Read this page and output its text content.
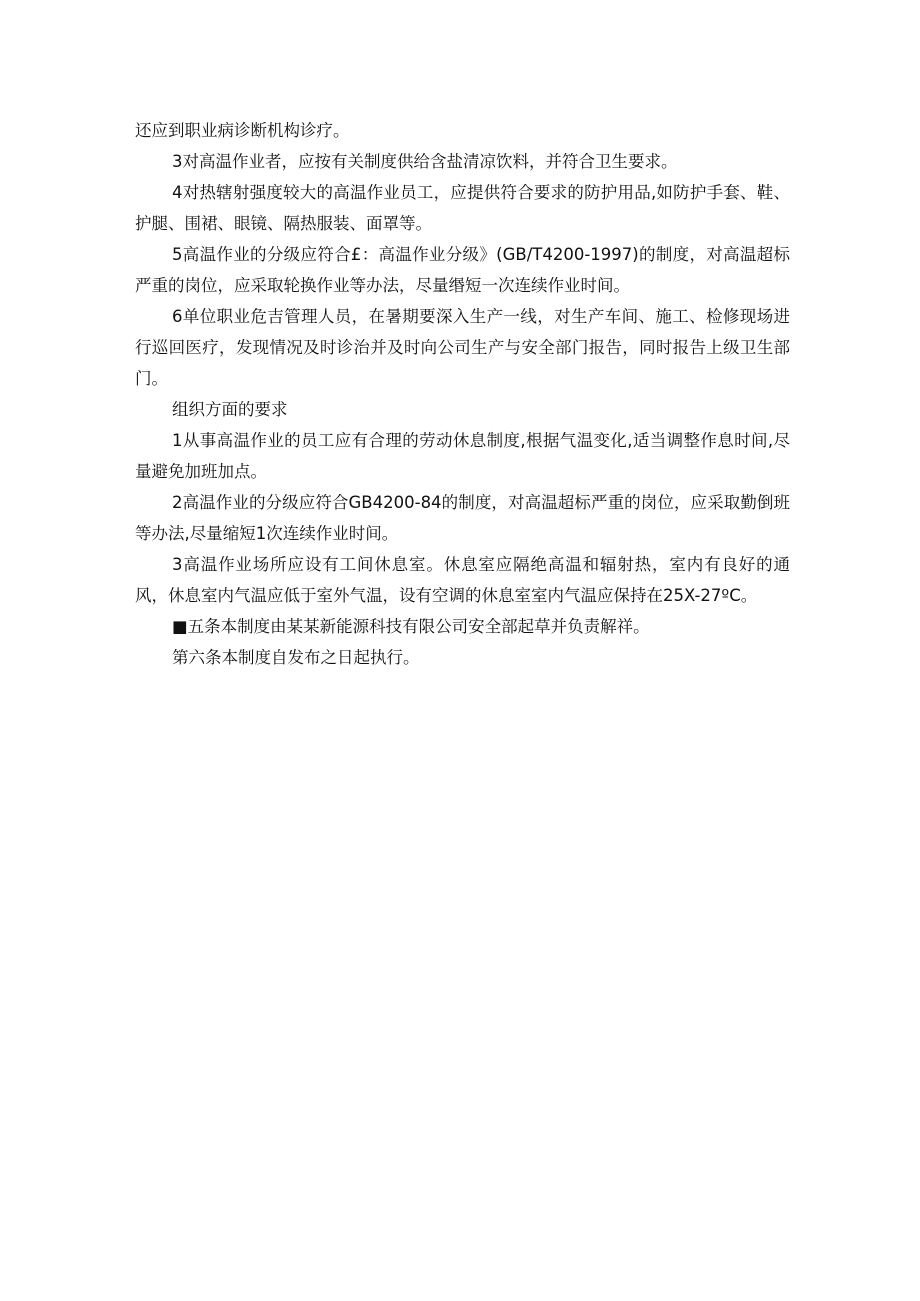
还应到职业病诊断机构诊疗。

3对高温作业者，应按有关制度供给含盐清凉饮料，并符合卫生要求。

4对热辖射强度较大的高温作业员工，应提供符合要求的防护用品,如防护手套、鞋、护腿、围裙、眼镜、隔热服装、面罩等。

5高温作业的分级应符合£：高温作业分级》(GB/T4200-1997)的制度，对高温超标严重的岗位，应采取轮换作业等办法，尽量缗短一次连续作业时间。

6单位职业危吉管理人员，在暑期要深入生产一线，对生产车间、施工、检修现场进行巡回医疗，发现情况及时诊治并及时向公司生产与安全部门报告，同时报告上级卫生部门。

组织方面的要求

1从事高温作业的员工应有合理的劳动休息制度,根据气温变化,适当调整作息时间,尽量避免加班加点。

2高温作业的分级应符合GB4200-84的制度，对高温超标严重的岗位，应采取勤倒班等办法,尽量缩短1次连续作业时间。

3高温作业场所应设有工间休息室。休息室应隔绝高温和辐射热，室内有良好的通风，休息室内气温应低于室外气温，设有空调的休息室室内气温应保持在25X-27ºC。

■五条本制度由某某新能源科技有限公司安全部起草并负责解祥。

第六条本制度自发布之日起执行。
